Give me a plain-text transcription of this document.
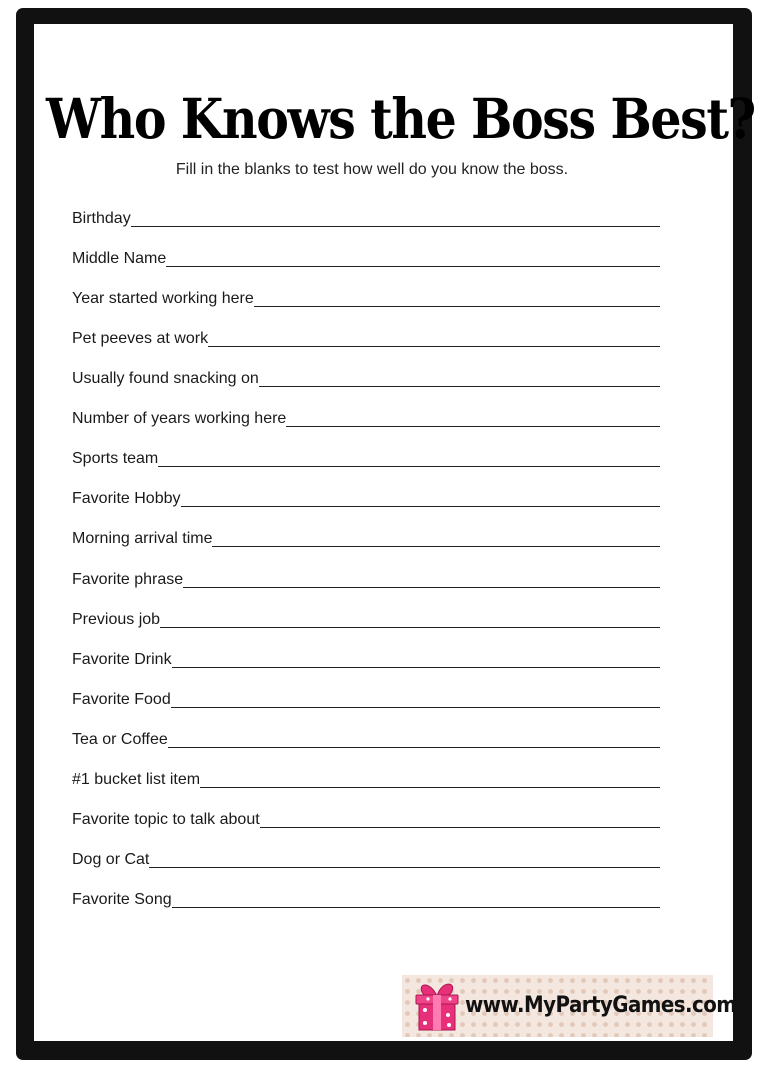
Who Knows the Boss Best?
Fill in the blanks to test how well do you know the boss.
Birthday
Middle Name
Year started working here
Pet peeves at work
Usually found snacking on
Number of years working here
Sports team
Favorite Hobby
Morning arrival time
Favorite phrase
Previous job
Favorite Drink
Favorite Food
Tea or Coffee
#1 bucket list item
Favorite topic to talk about
Dog or Cat
Favorite Song
www.MyPartyGames.com
